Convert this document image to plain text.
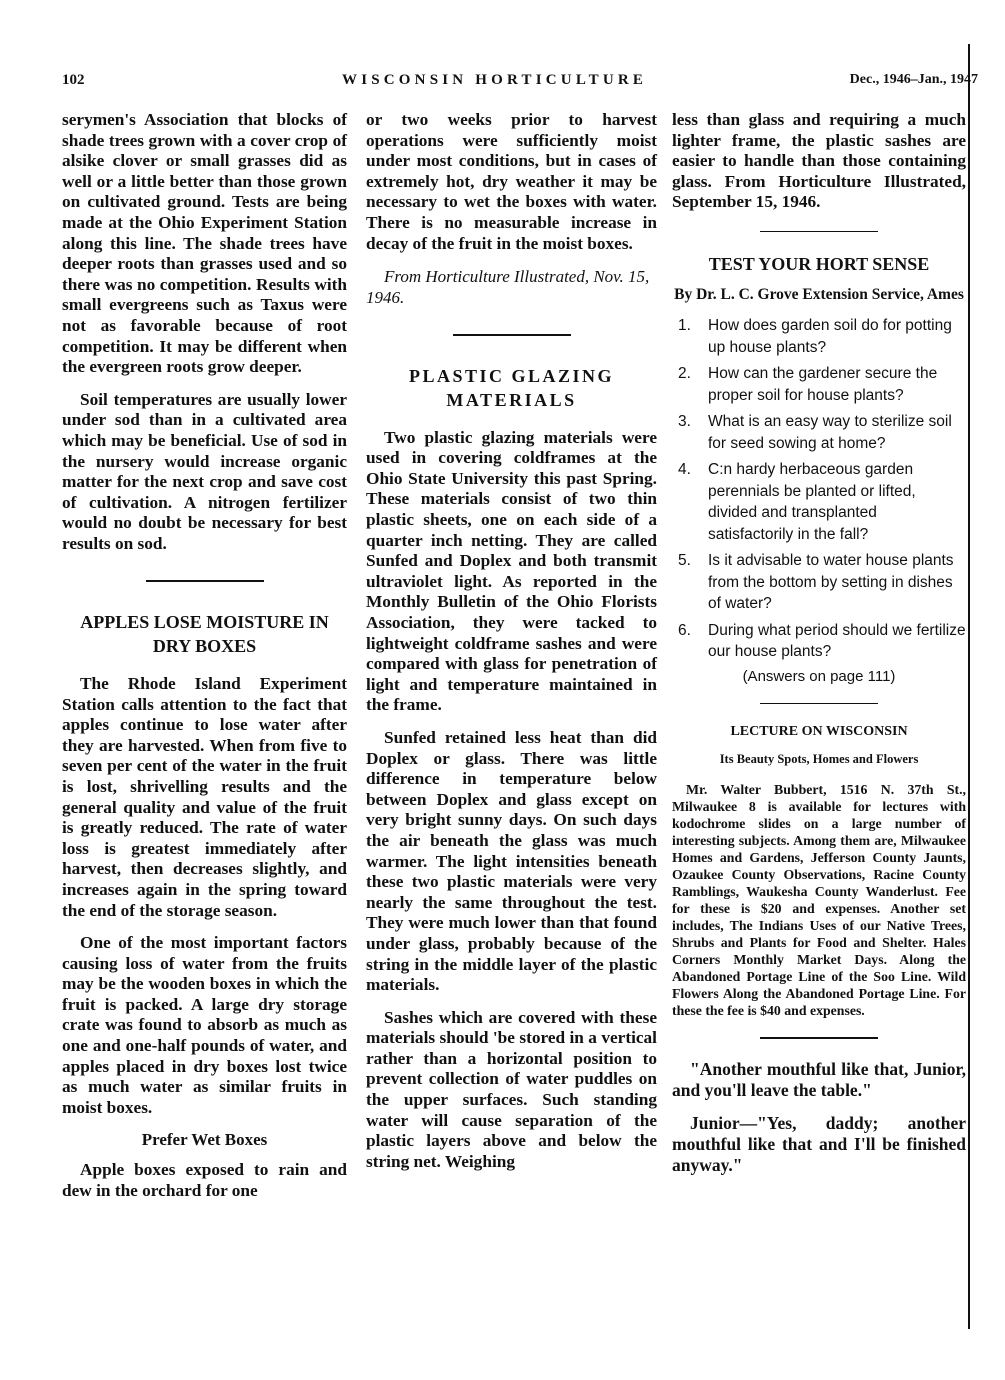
102	WISCONSIN HORTICULTURE	Dec., 1946–Jan., 1947

serymen's Association that blocks of shade trees grown with a cover crop of alsike clover or small grasses did as well or a little better than those grown on cultivated ground. Tests are being made at the Ohio Experiment Station along this line. The shade trees have deeper roots than grasses used and so there was no competition. Results with small evergreens such as Taxus were not as favorable because of root competition. It may be different when the evergreen roots grow deeper.

Soil temperatures are usually lower under sod than in a cultivated area which may be beneficial. Use of sod in the nursery would increase organic matter for the next crop and save cost of cultivation. A nitrogen fertilizer would no doubt be necessary for best results on sod.

APPLES LOSE MOISTURE IN DRY BOXES

The Rhode Island Experiment Station calls attention to the fact that apples continue to lose water after they are harvested. When from five to seven per cent of the water in the fruit is lost, shrivelling results and the general quality and value of the fruit is greatly reduced. The rate of water loss is greatest immediately after harvest, then decreases slightly, and increases again in the spring toward the end of the storage season.

One of the most important factors causing loss of water from the fruits may be the wooden boxes in which the fruit is packed. A large dry storage crate was found to absorb as much as one and one-half pounds of water, and apples placed in dry boxes lost twice as much water as similar fruits in moist boxes.

Prefer Wet Boxes

Apple boxes exposed to rain and dew in the orchard for one

or two weeks prior to harvest operations were sufficiently moist under most conditions, but in cases of extremely hot, dry weather it may be necessary to wet the boxes with water. There is no measurable increase in decay of the fruit in the moist boxes.

From Horticulture Illustrated, Nov. 15, 1946.

PLASTIC GLAZING MATERIALS

Two plastic glazing materials were used in covering coldframes at the Ohio State University this past Spring. These materials consist of two thin plastic sheets, one on each side of a quarter inch netting. They are called Sunfed and Doplex and both transmit ultraviolet light. As reported in the Monthly Bulletin of the Ohio Florists Association, they were tacked to lightweight coldframe sashes and were compared with glass for penetration of light and temperature maintained in the frame.

Sunfed retained less heat than did Doplex or glass. There was little difference in temperature below between Doplex and glass except on very bright sunny days. On such days the air beneath the glass was much warmer. The light intensities beneath these two plastic materials were very nearly the same throughout the test. They were much lower than that found under glass, probably because of the string in the middle layer of the plastic materials.

Sashes which are covered with these materials should 'be stored in a vertical rather than a horizontal position to prevent collection of water puddles on the upper surfaces. Such standing water will cause separation of the plastic layers above and below the string net. Weighing

less than glass and requiring a much lighter frame, the plastic sashes are easier to handle than those containing glass. From Horticulture Illustrated, September 15, 1946.

TEST YOUR HORT SENSE
By Dr. L. C. Grove Extension Service, Ames
1. How does garden soil do for potting up house plants?
2. How can the gardener secure the proper soil for house plants?
3. What is an easy way to sterilize soil for seed sowing at home?
4. C:n hardy herbaceous garden perennials be planted or lifted, divided and transplanted satisfactorily in the fall?
5. Is it advisable to water house plants from the bottom by setting in dishes of water?
6. During what period should we fertilize our house plants?
(Answers on page 111)
LECTURE ON WISCONSIN
Its Beauty Spots, Homes and Flowers

Mr. Walter Bubbert, 1516 N. 37th St., Milwaukee 8 is available for lectures with kodochrome slides on a large number of interesting subjects. Among them are, Milwaukee Homes and Gardens, Jefferson County Jaunts, Ozaukee County Observations, Racine County Ramblings, Waukesha County Wanderlust. Fee for these is $20 and expenses. Another set includes, The Indians Uses of our Native Trees, Shrubs and Plants for Food and Shelter. Hales Corners Monthly Market Days. Along the Abandoned Portage Line of the Soo Line. Wild Flowers Along the Abandoned Portage Line. For these the fee is $40 and expenses.

"Another mouthful like that, Junior, and you'll leave the table."

Junior—"Yes, daddy; another mouthful like that and I'll be finished anyway."
